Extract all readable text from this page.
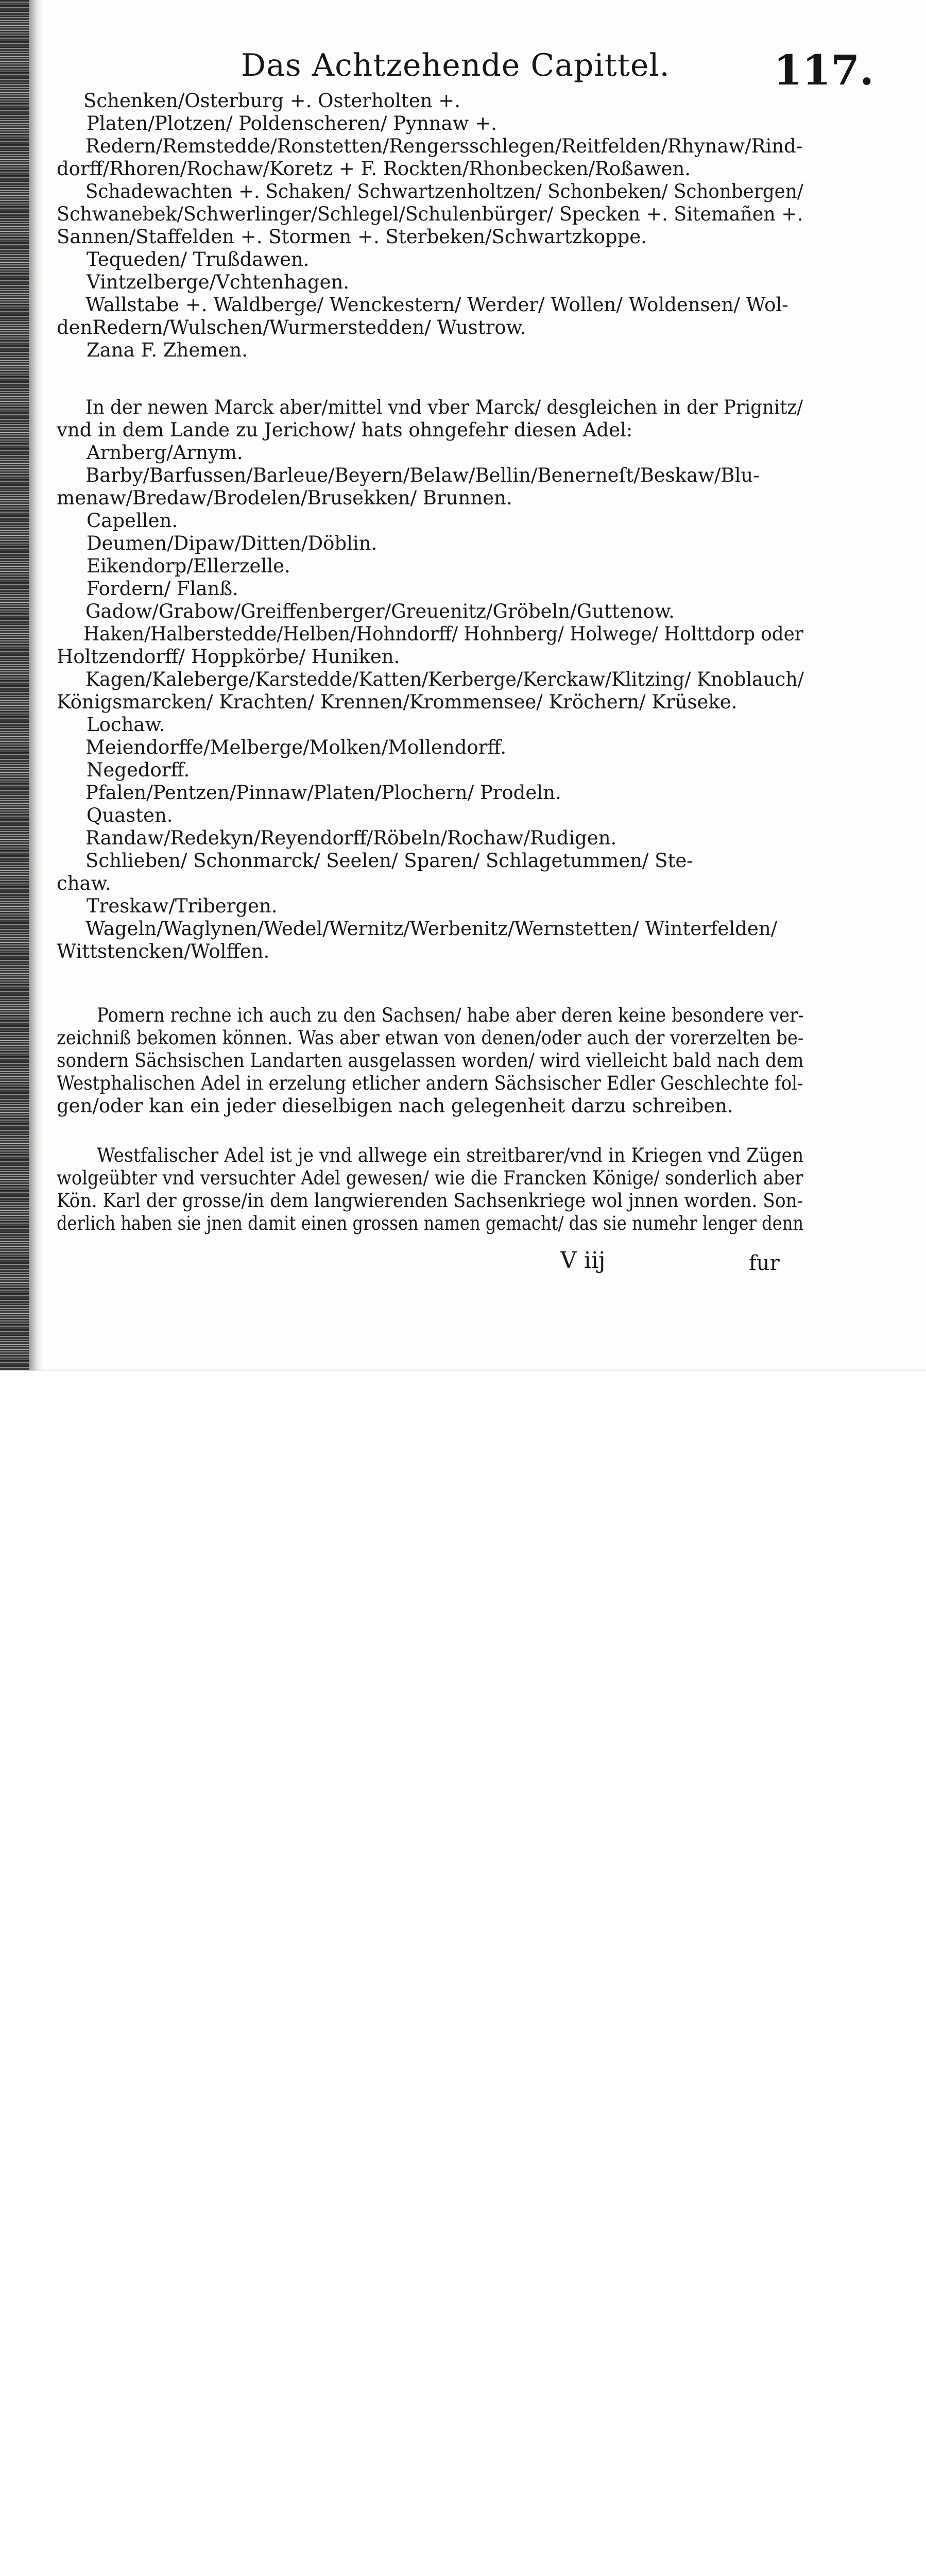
Das Achtzehende Capittel.	117.
Schenken/Osterburg +. Osterholten +.
Platen/Plotzen/ Poldenscheren/ Pynnaw +.
Redern/Remstedde/Ronstetten/Rengersschlegen/Reitfelden/Rhynaw/Rind-
dorff/Rhoren/Rochaw/Koretz + F. Rockten/Rhonbecken/Roßawen.
Schadewachten +. Schaken/ Schwartzenholtzen/ Schonbeken/ Schonbergen/
Schwanebek/Schwerlinger/Schlegel/Schulenbürger/ Specken +. Sitemañen +.
Sannen/Staffelden +. Stormen +. Sterbeken/Schwartzkoppe.
Tequeden/ Trußdawen.
Vintzelberge/Vchtenhagen.
Wallstabe +. Waldberge/ Wenckestern/ Werder/ Wollen/ Woldensen/ Wol-
denRedern/Wulschen/Wurmerstedden/ Wustrow.
Zana F. Zhemen.
In der newen Marck aber/mittel vnd vber Marck/ desgleichen in der Prignitz/
vnd in dem Lande zu Jerichow/ hats ohngefehr diesen Adel:
Arnberg/Arnym.
Barby/Barfussen/Barleue/Beyern/Belaw/Bellin/Benerneſt/Beskaw/Blu-
menaw/Bredaw/Brodelen/Brusekken/ Brunnen.
Capellen.
Deumen/Dipaw/Ditten/Döblin.
Eikendorp/Ellerzelle.
Fordern/ Flanß.
Gadow/Grabow/Greiffenberger/Greuenitz/Gröbeln/Guttenow.
Haken/Halberstedde/Helben/Hohndorff/ Hohnberg/ Holwege/ Holttdorp oder
Holtzendorff/ Hoppkörbe/ Huniken.
Kagen/Kaleberge/Karstedde/Katten/Kerberge/Kerckaw/Klitzing/ Knoblauch/
Königsmarcken/ Krachten/ Krennen/Krommensee/ Kröchern/ Krüseke.
Lochaw.
Meiendorffe/Melberge/Molken/Mollendorff.
Negedorff.
Pfalen/Pentzen/Pinnaw/Platen/Plochern/ Prodeln.
Quasten.
Randaw/Redekyn/Reyendorff/Röbeln/Rochaw/Rudigen.
Schlieben/ Schonmarck/ Seelen/ Sparen/ Schlagetummen/ Ste-
chaw.
Treskaw/Tribergen.
Wageln/Waglynen/Wedel/Wernitz/Werbenitz/Wernstetten/ Winterfelden/
Wittstencken/Wolffen.
Pomern rechne ich auch zu den Sachsen/ habe aber deren keine besondere ver-
zeichniß bekomen können. Was aber etwan von denen/oder auch der vorerzelten be-
sondern Sächsischen Landarten ausgelassen worden/ wird vielleicht bald nach dem
Westphalischen Adel in erzelung etlicher andern Sächsischer Edler Geschlechte fol-
gen/oder kan ein jeder dieselbigen nach gelegenheit darzu schreiben.
Westfalischer Adel ist je vnd allwege ein streitbarer/vnd in Kriegen vnd Zügen
wolgeübter vnd versuchter Adel gewesen/ wie die Francken Könige/ sonderlich aber
Kön. Karl der grosse/in dem langwierenden Sachsenkriege wol jnnen worden. Son-
derlich haben sie jnen damit einen grossen namen gemacht/ das sie numehr lenger denn
V iij	fur
